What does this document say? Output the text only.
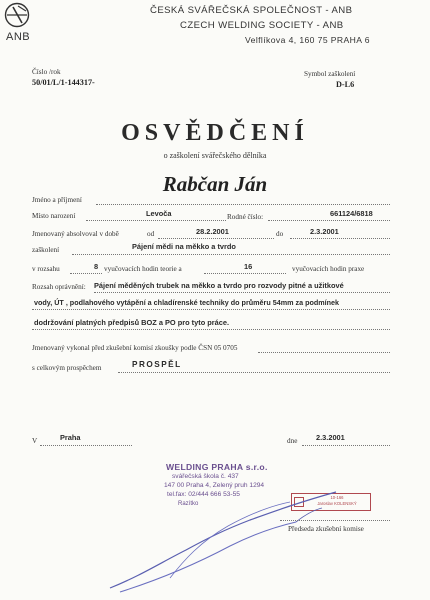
ANB
ČESKÁ SVÁŘEČSKÁ SPOLEČNOST - ANB
CZECH WELDING SOCIETY - ANB
Velflíkova 4, 160 75 PRAHA 6
Číslo /rok
50/01/L/1-144317-
Symbol zaškolení
D-L6
OSVĚDČENÍ
o zaškolení svářečského dělníka
Rabčan Ján
Jméno a příjmení
Místo narození	Levoča	Rodné číslo:	661124/6818
Jmenovaný absolvoval v době	od	28.2.2001	do	2.3.2001
zaškolení	Pájení mědi na měkko a tvrdo
v rozsahu	8 vyučovacích hodin teorie a	16	vyučovacích hodin praxe
Rozsah oprávnění: Pájení měděných trubek na měkko a tvrdo pro rozvody pitné a užitkové
vody, ÚT , podlahového vytápění a chladírenské techniky do průměru 54mm za podmínek
dodržování platných předpisů BOZ a PO pro tyto práce.
Jmenovaný vykonal před zkušební komisí zkoušky podle ČSN 05 0705
s celkovým prospěchem	PROSPĚL
V	Praha	dne	2.3.2001
WELDING PRAHA s.r.o.
svářečská škola č. 437
147 00 Praha 4, Zelený pruh 1294
tel.fax: 02/444 666 53-55
Razítko
10-166
Jaroslav KOLENSKÝ
Předseda zkušební komise
